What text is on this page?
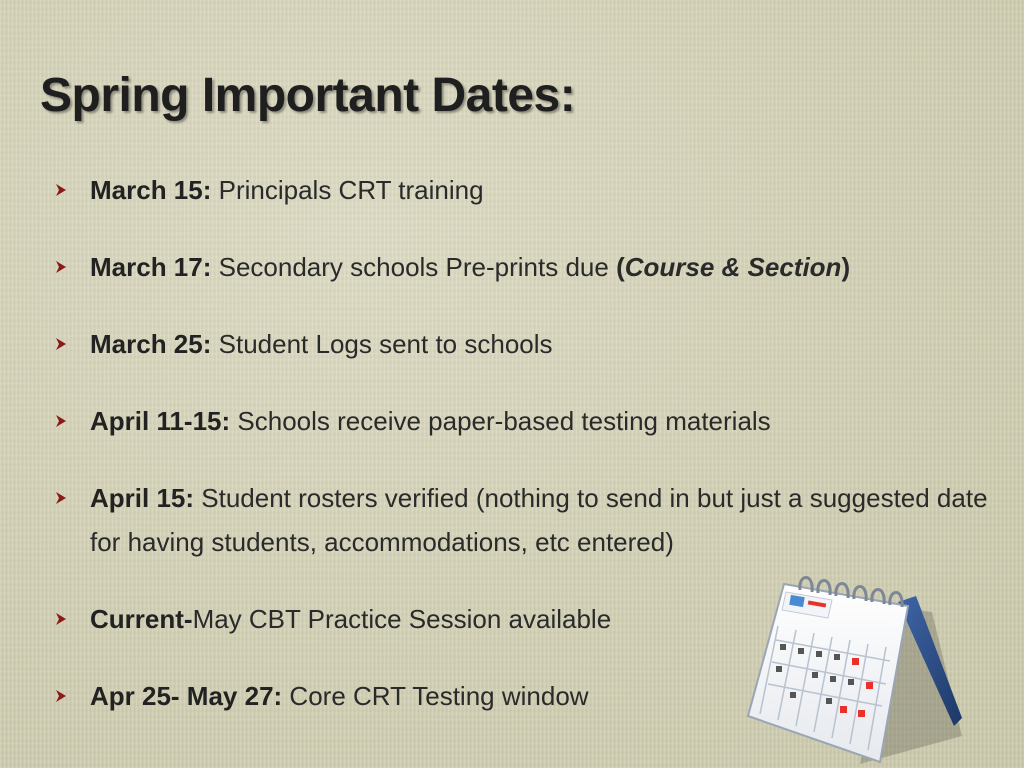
Spring Important Dates:
March 15: Principals CRT training
March 17: Secondary schools Pre-prints due (Course & Section)
March 25: Student Logs sent to schools
April 11-15: Schools receive paper-based testing materials
April 15: Student rosters verified (nothing to send in but just a suggested date for having students, accommodations, etc entered)
Current-May CBT Practice Session available
Apr 25- May 27: Core CRT Testing window
